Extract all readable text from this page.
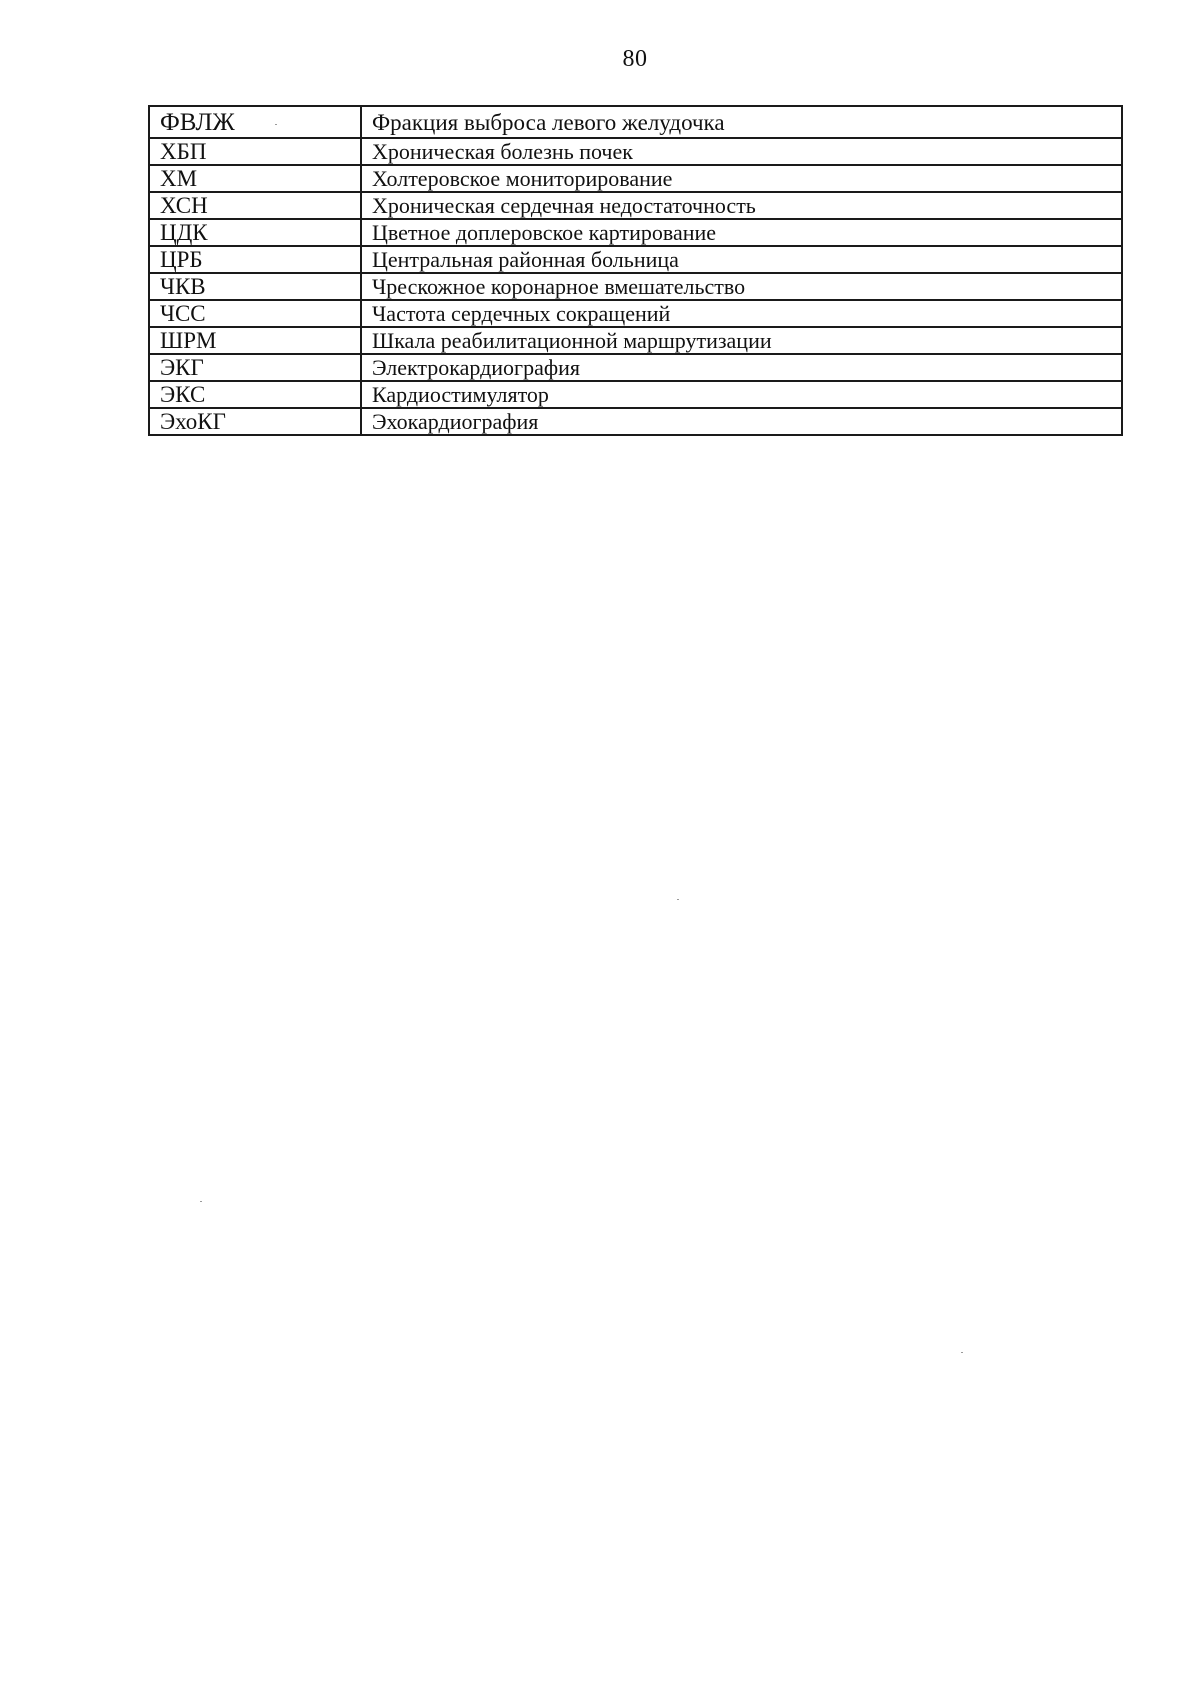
80
ФВЛЖ	Фракция выброса левого желудочка
ХБП	Хроническая болезнь почек
ХМ	Холтеровское мониторирование
ХСН	Хроническая сердечная недостаточность
ЦДК	Цветное доплеровское картирование
ЦРБ	Центральная районная больница
ЧКВ	Чрескожное коронарное вмешательство
ЧСС	Частота сердечных сокращений
ШРМ	Шкала реабилитационной маршрутизации
ЭКГ	Электрокардиография
ЭКС	Кардиостимулятор
ЭхоКГ	Эхокардиография
